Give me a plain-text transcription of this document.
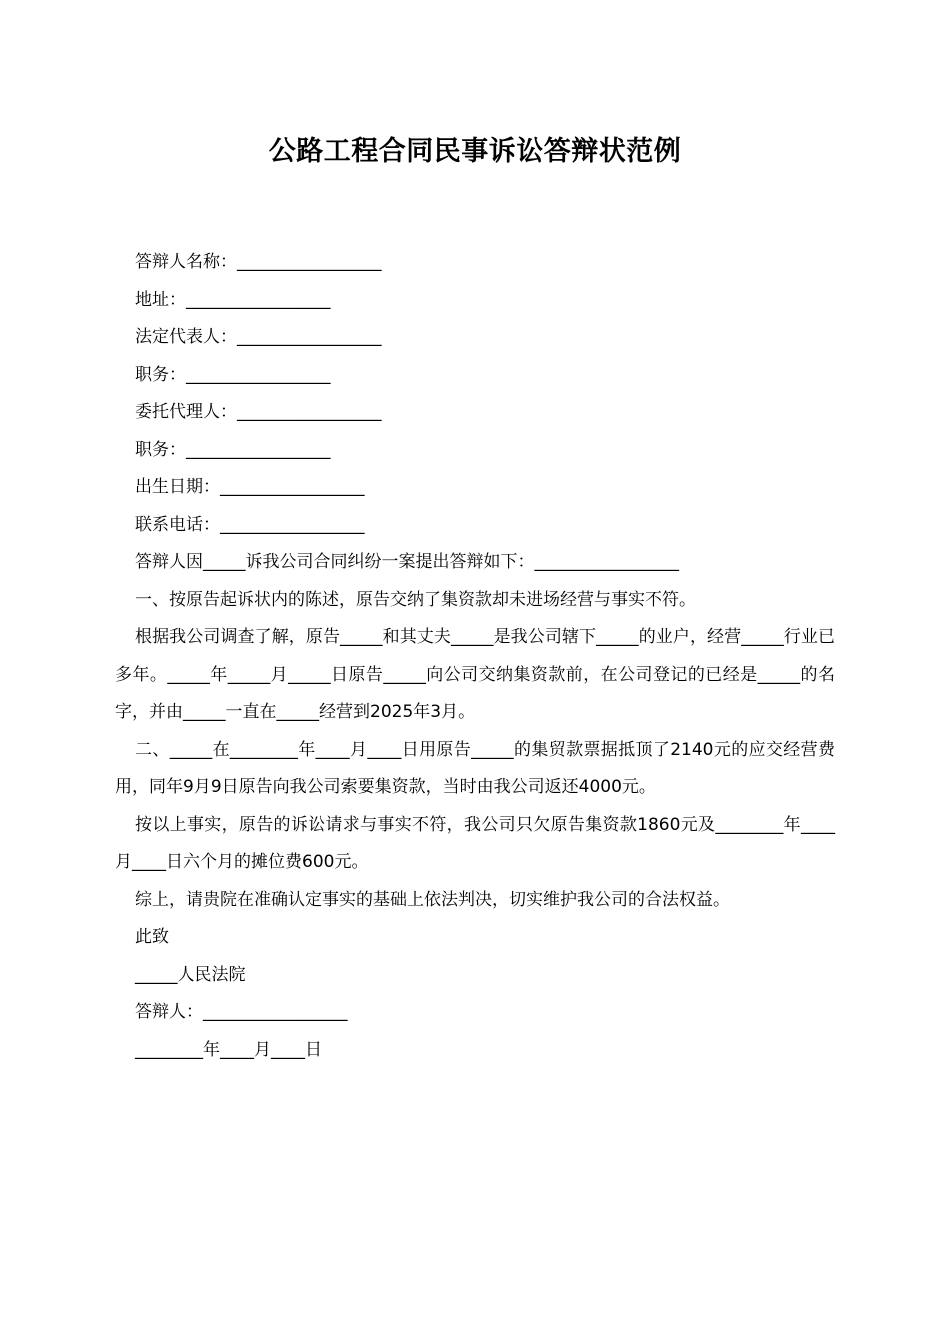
公路工程合同民事诉讼答辩状范例
答辩人名称：_________________
地址：_________________
法定代表人：_________________
职务：_________________
委托代理人：_________________
职务：_________________
出生日期：_________________
联系电话：_________________
答辩人因_____诉我公司合同纠纷一案提出答辩如下：_________________
一、按原告起诉状内的陈述，原告交纳了集资款却未进场经营与事实不符。
根据我公司调查了解，原告_____和其丈夫_____是我公司辖下_____的业户，经营_____行业已多年。_____年_____月_____日原告_____向公司交纳集资款前，在公司登记的已经是_____的名字，并由_____一直在_____经营到2025年3月。
二、_____在________年____月____日用原告_____的集贸款票据抵顶了2140元的应交经营费用，同年9月9日原告向我公司索要集资款，当时由我公司返还4000元。
按以上事实，原告的诉讼请求与事实不符，我公司只欠原告集资款1860元及________年____月____日六个月的摊位费600元。
综上，请贵院在准确认定事实的基础上依法判决，切实维护我公司的合法权益。
此致
_____人民法院
答辩人：_________________
________年____月____日
